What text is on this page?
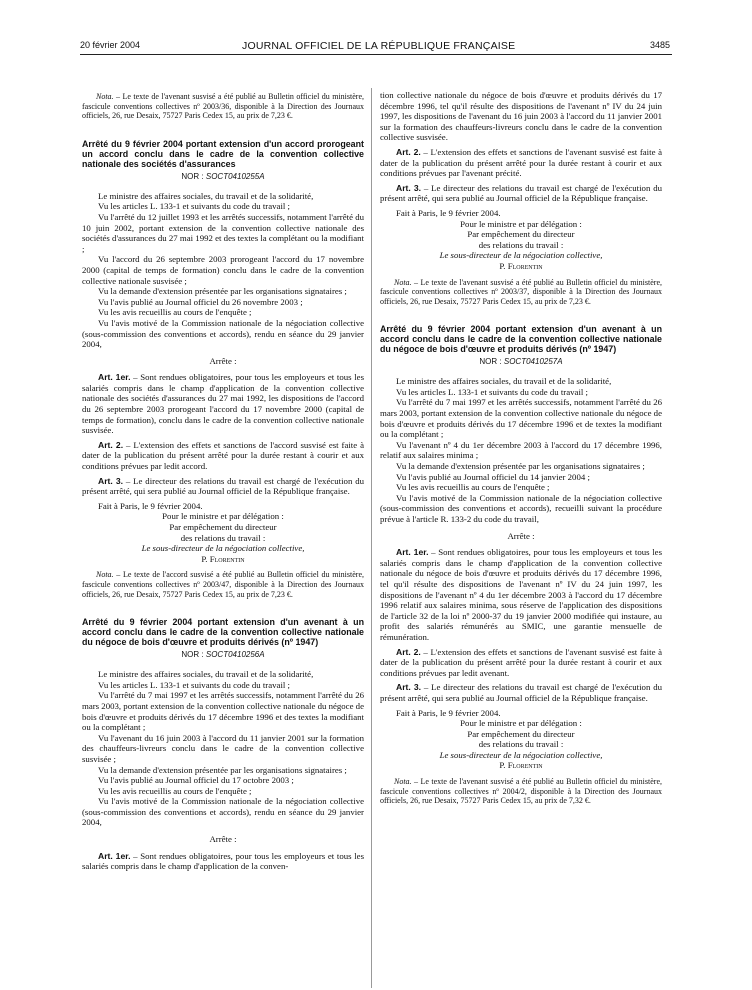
20 février 2004	JOURNAL OFFICIEL DE LA RÉPUBLIQUE FRANÇAISE	3485

Nota. – Le texte de l'avenant susvisé a été publié au Bulletin officiel du ministère, fascicule conventions collectives nº 2003/36, disponible à la Direction des Journaux officiels, 26, rue Desaix, 75727 Paris Cedex 15, au prix de 7,23 €.

Arrêté du 9 février 2004 portant extension d'un accord prorogeant un accord conclu dans le cadre de la convention collective nationale des sociétés d'assurances

NOR : SOCT0410255A

Le ministre des affaires sociales, du travail et de la solidarité,

Vu les articles L. 133-1 et suivants du code du travail ;

Vu l'arrêté du 12 juillet 1993 et les arrêtés successifs, notamment l'arrêté du 10 juin 2002, portant extension de la convention collective nationale des sociétés d'assurances du 27 mai 1992 et des textes la complétant ou la modifiant ;

Vu l'accord du 26 septembre 2003 prorogeant l'accord du 17 novembre 2000 (capital de temps de formation) conclu dans le cadre de la convention collective nationale susvisée ;

Vu la demande d'extension présentée par les organisations signataires ;

Vu l'avis publié au Journal officiel du 26 novembre 2003 ;

Vu les avis recueillis au cours de l'enquête ;

Vu l'avis motivé de la Commission nationale de la négociation collective (sous-commission des conventions et accords), rendu en séance du 29 janvier 2004,

Arrête :

Art. 1er. – Sont rendues obligatoires, pour tous les employeurs et tous les salariés compris dans le champ d'application de la convention collective nationale des sociétés d'assurances du 27 mai 1992, les dispositions de l'accord du 26 septembre 2003 prorogeant l'accord du 17 novembre 2000 (capital de temps de formation), conclu dans le cadre de la convention collective nationale susvisée.

Art. 2. – L'extension des effets et sanctions de l'accord susvisé est faite à dater de la publication du présent arrêté pour la durée restant à courir et aux conditions prévues par ledit accord.

Art. 3. – Le directeur des relations du travail est chargé de l'exécution du présent arrêté, qui sera publié au Journal officiel de la République française.

Fait à Paris, le 9 février 2004.

Pour le ministre et par délégation :
Par empêchement du directeur
des relations du travail :
Le sous-directeur de la négociation collective,
P. Florentin

Nota. – Le texte de l'accord susvisé a été publié au Bulletin officiel du ministère, fascicule conventions collectives nº 2003/47, disponible à la Direction des Journaux officiels, 26, rue Desaix, 75727 Paris Cedex 15, au prix de 7,23 €.

Arrêté du 9 février 2004 portant extension d'un avenant à un accord conclu dans le cadre de la convention collective nationale du négoce de bois d'œuvre et produits dérivés (nº 1947)

NOR : SOCT0410256A

Le ministre des affaires sociales, du travail et de la solidarité,

Vu les articles L. 133-1 et suivants du code du travail ;

Vu l'arrêté du 7 mai 1997 et les arrêtés successifs, notamment l'arrêté du 26 mars 2003, portant extension de la convention collective nationale du négoce de bois d'œuvre et produits dérivés du 17 décembre 1996 et des textes la modifiant ou la complétant ;

Vu l'avenant du 16 juin 2003 à l'accord du 11 janvier 2001 sur la formation des chauffeurs-livreurs conclu dans le cadre de la convention collective susvisée ;

Vu la demande d'extension présentée par les organisations signataires ;

Vu l'avis publié au Journal officiel du 17 octobre 2003 ;

Vu les avis recueillis au cours de l'enquête ;

Vu l'avis motivé de la Commission nationale de la négociation collective (sous-commission des conventions et accords), rendu en séance du 29 janvier 2004,

Arrête :

Art. 1er. – Sont rendues obligatoires, pour tous les employeurs et tous les salariés compris dans le champ d'application de la conven-

tion collective nationale du négoce de bois d'œuvre et produits dérivés du 17 décembre 1996, tel qu'il résulte des dispositions de l'avenant nº IV du 24 juin 1997, les dispositions de l'avenant du 16 juin 2003 à l'accord du 11 janvier 2001 sur la formation des chauffeurs-livreurs conclu dans le cadre de la convention collective susvisée.

Art. 2. – L'extension des effets et sanctions de l'avenant susvisé est faite à dater de la publication du présent arrêté pour la durée restant à courir et aux conditions prévues par l'avenant précité.

Art. 3. – Le directeur des relations du travail est chargé de l'exécution du présent arrêté, qui sera publié au Journal officiel de la République française.

Fait à Paris, le 9 février 2004.

Pour le ministre et par délégation :
Par empêchement du directeur
des relations du travail :
Le sous-directeur de la négociation collective,
P. Florentin

Nota. – Le texte de l'avenant susvisé a été publié au Bulletin officiel du ministère, fascicule conventions collectives nº 2003/37, disponible à la Direction des Journaux officiels, 26, rue Desaix, 75727 Paris Cedex 15, au prix de 7,23 €.

Arrêté du 9 février 2004 portant extension d'un avenant à un accord conclu dans le cadre de la convention collective nationale du négoce de bois d'œuvre et produits dérivés (nº 1947)

NOR : SOCT0410257A

Le ministre des affaires sociales, du travail et de la solidarité,

Vu les articles L. 133-1 et suivants du code du travail ;

Vu l'arrêté du 7 mai 1997 et les arrêtés successifs, notamment l'arrêté du 26 mars 2003, portant extension de la convention collective nationale du négoce de bois d'œuvre et produits dérivés du 17 décembre 1996 et de textes la modifiant ou la complétant ;

Vu l'avenant nº 4 du 1er décembre 2003 à l'accord du 17 décembre 1996, relatif aux salaires minima ;

Vu la demande d'extension présentée par les organisations signataires ;

Vu l'avis publié au Journal officiel du 14 janvier 2004 ;

Vu les avis recueillis au cours de l'enquête ;

Vu l'avis motivé de la Commission nationale de la négociation collective (sous-commission des conventions et accords), recueilli suivant la procédure prévue à l'article R. 133-2 du code du travail,

Arrête :

Art. 1er. – Sont rendues obligatoires, pour tous les employeurs et tous les salariés compris dans le champ d'application de la convention collective nationale du négoce de bois d'œuvre et produits dérivés du 17 décembre 1996, tel qu'il résulte des dispositions de l'avenant nº IV du 24 juin 1997, les dispositions de l'avenant nº 4 du 1er décembre 2003 à l'accord du 17 décembre 1996 relatif aux salaires minima, sous réserve de l'application des dispositions de l'article 32 de la loi nº 2000-37 du 19 janvier 2000 modifiée qui instaure, au profit des salariés rémunérés au SMIC, une garantie mensuelle de rémunération.

Art. 2. – L'extension des effets et sanctions de l'avenant susvisé est faite à dater de la publication du présent arrêté pour la durée restant à courir et aux conditions prévues par ledit avenant.

Art. 3. – Le directeur des relations du travail est chargé de l'exécution du présent arrêté, qui sera publié au Journal officiel de la République française.

Fait à Paris, le 9 février 2004.

Pour le ministre et par délégation :
Par empêchement du directeur
des relations du travail :
Le sous-directeur de la négociation collective,
P. Florentin

Nota. – Le texte de l'avenant susvisé a été publié au Bulletin officiel du ministère, fascicule conventions collectives nº 2004/2, disponible à la Direction des Journaux officiels, 26, rue Desaix, 75727 Paris Cedex 15, au prix de 7,32 €.
